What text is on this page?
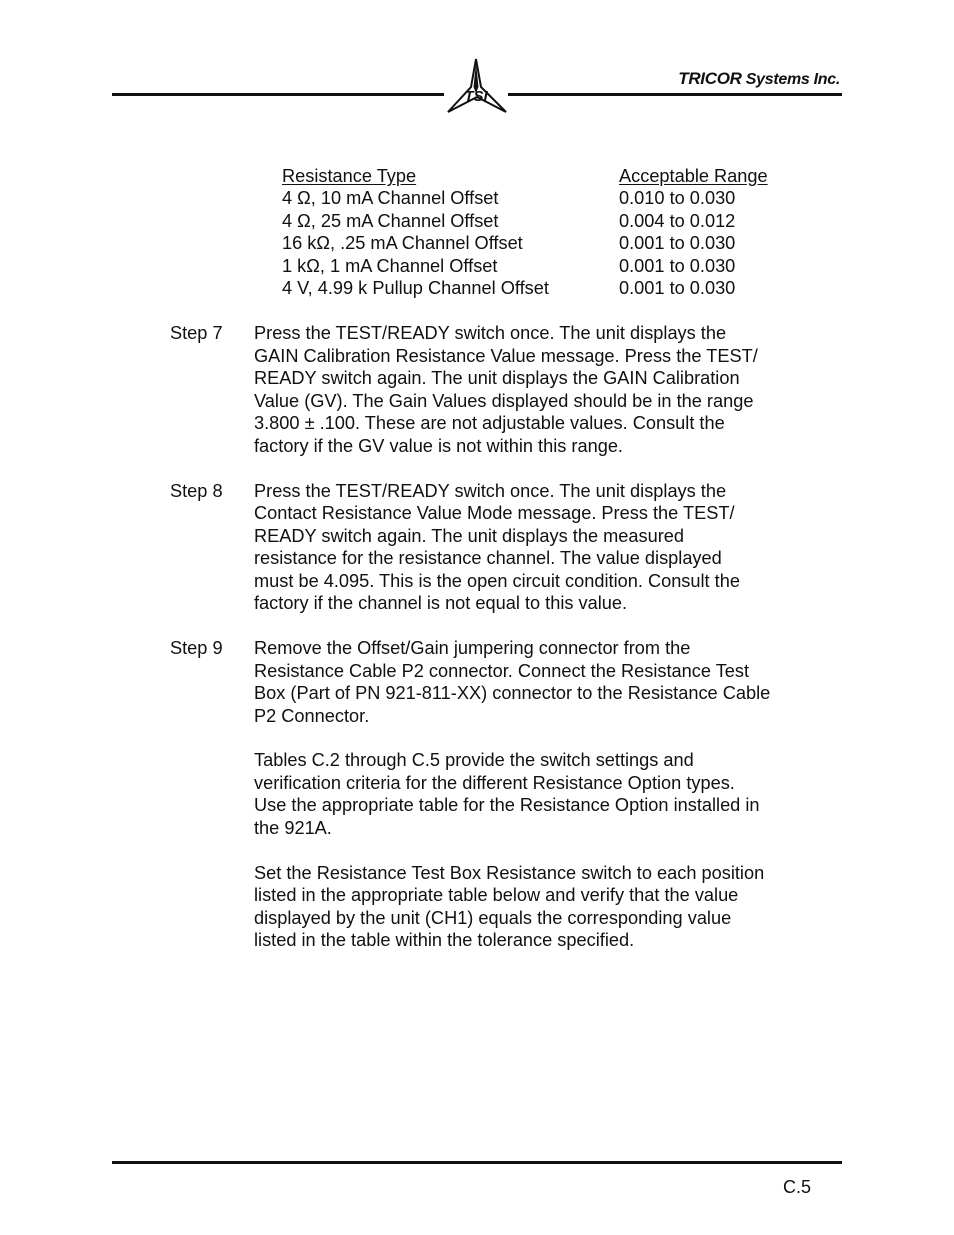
TSI
TRICOR Systems Inc.
Resistance Type	Acceptable Range
4 Ω, 10 mA Channel Offset	0.010 to 0.030
4 Ω, 25 mA Channel Offset	0.004 to 0.012
16 kΩ, .25 mA Channel Offset	0.001 to 0.030
1 kΩ, 1 mA Channel Offset	0.001 to 0.030
4 V, 4.99 k Pullup Channel Offset	0.001 to 0.030
Step 7 Press the TEST/READY switch once. The unit displays the
GAIN Calibration Resistance Value message. Press the TEST/
READY switch again. The unit displays the GAIN Calibration
Value (GV). The Gain Values displayed should be in the range
3.800 ± .100. These are not adjustable values. Consult the
factory if the GV value is not within this range.
Step 8 Press the TEST/READY switch once. The unit displays the
Contact Resistance Value Mode message. Press the TEST/
READY switch again. The unit displays the measured
resistance for the resistance channel. The value displayed
must be 4.095. This is the open circuit condition. Consult the
factory if the channel is not equal to this value.
Step 9 Remove the Offset/Gain jumpering connector from the
Resistance Cable P2 connector. Connect the Resistance Test
Box (Part of PN 921-811-XX) connector to the Resistance Cable
P2 Connector.
Tables C.2 through C.5 provide the switch settings and
verification criteria for the different Resistance Option types.
Use the appropriate table for the Resistance Option installed in
the 921A.
Set the Resistance Test Box Resistance switch to each position
listed in the appropriate table below and verify that the value
displayed by the unit (CH1) equals the corresponding value
listed in the table within the tolerance specified.
C.5
